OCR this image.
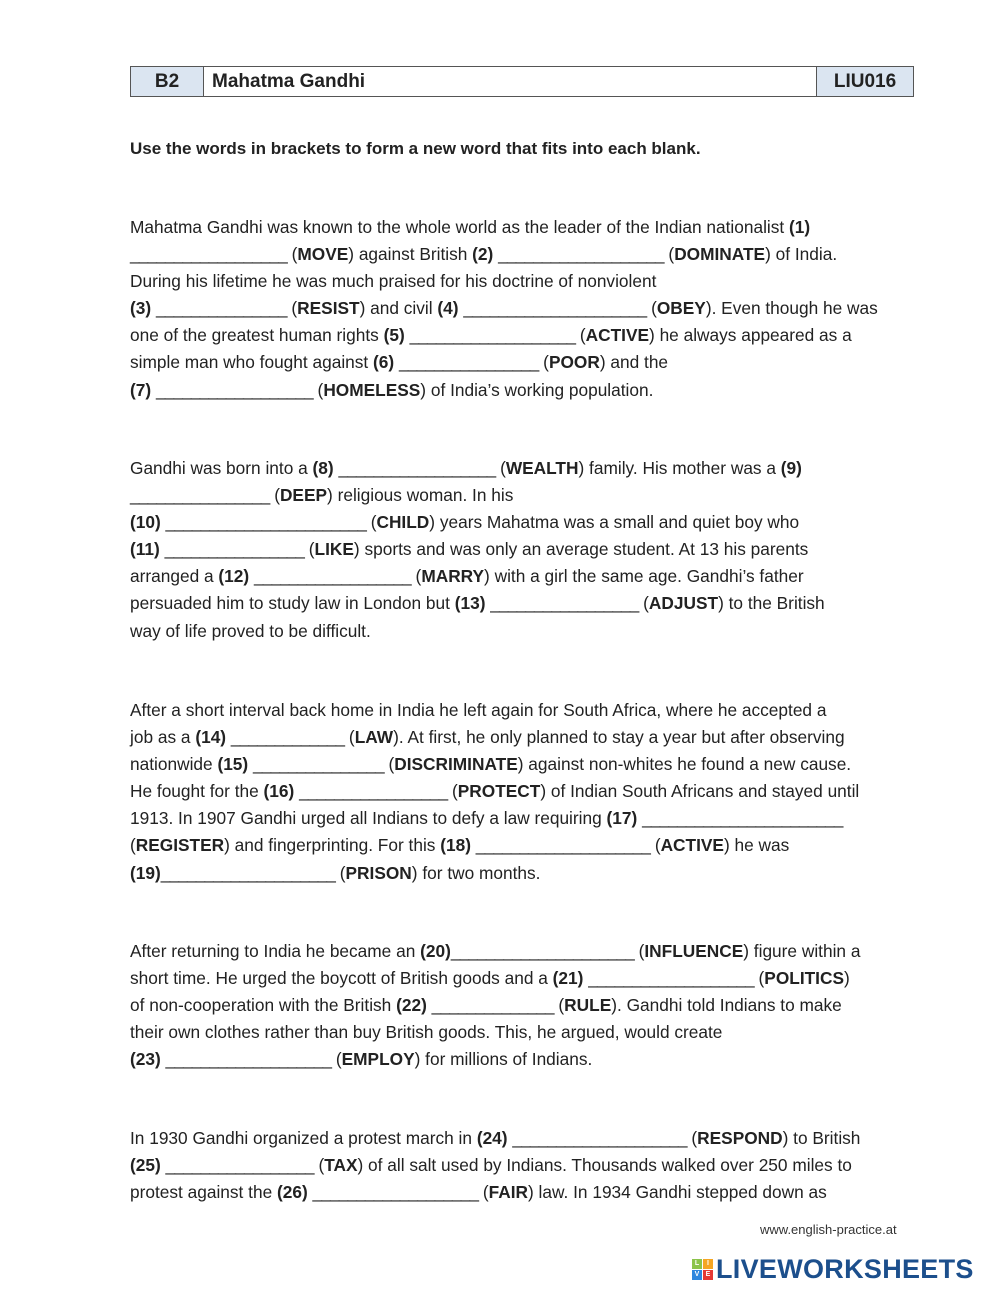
B2	Mahatma Gandhi	LIU016
Use the words in brackets to form a new word that fits into each blank.
Mahatma Gandhi was known to the whole world as the leader of the Indian nationalist (1)
__________________ (MOVE) against British (2) ___________________ (DOMINATE) of India.
During his lifetime he was much praised for his doctrine of nonviolent
(3) _______________ (RESIST) and civil (4) _____________________ (OBEY). Even though he was
one of the greatest human rights (5) ___________________ (ACTIVE) he always appeared as a
simple man who fought against (6) ________________ (POOR) and the
(7) __________________ (HOMELESS) of India’s working population.
Gandhi was born into a (8) __________________ (WEALTH) family. His mother was a (9)
________________ (DEEP) religious woman. In his
(10) _______________________ (CHILD) years Mahatma was a small and quiet boy who
(11) ________________ (LIKE) sports and was only an average student. At 13 his parents
arranged a (12) __________________ (MARRY) with a girl the same age. Gandhi’s father
persuaded him to study law in London but (13) _________________ (ADJUST) to the British
way of life proved to be difficult.
After a short interval back home in India he left again for South Africa, where he accepted a
job as a (14) _____________ (LAW). At first, he only planned to stay a year but after observing
nationwide (15) _______________ (DISCRIMINATE) against non-whites he found a new cause.
He fought for the (16) _________________ (PROTECT) of Indian South Africans and stayed until
1913. In 1907 Gandhi urged all Indians to defy a law requiring (17) _______________________
(REGISTER) and fingerprinting. For this (18) ____________________ (ACTIVE) he was
(19)____________________ (PRISON) for two months.
After returning to India he became an (20)_____________________ (INFLUENCE) figure within a
short time. He urged the boycott of British goods and a (21) ___________________ (POLITICS)
of non-cooperation with the British (22) ______________ (RULE). Gandhi told Indians to make
their own clothes rather than buy British goods. This, he argued, would create
(23) ___________________ (EMPLOY) for millions of Indians.
In 1930 Gandhi organized a protest march in (24) ____________________ (RESPOND) to British
(25) _________________ (TAX) of all salt used by Indians. Thousands walked over 250 miles to
protest against the (26) ___________________ (FAIR) law. In 1934 Gandhi stepped down as
www.english-practice.at
L	I
V E LIVEWORKSHEETS
